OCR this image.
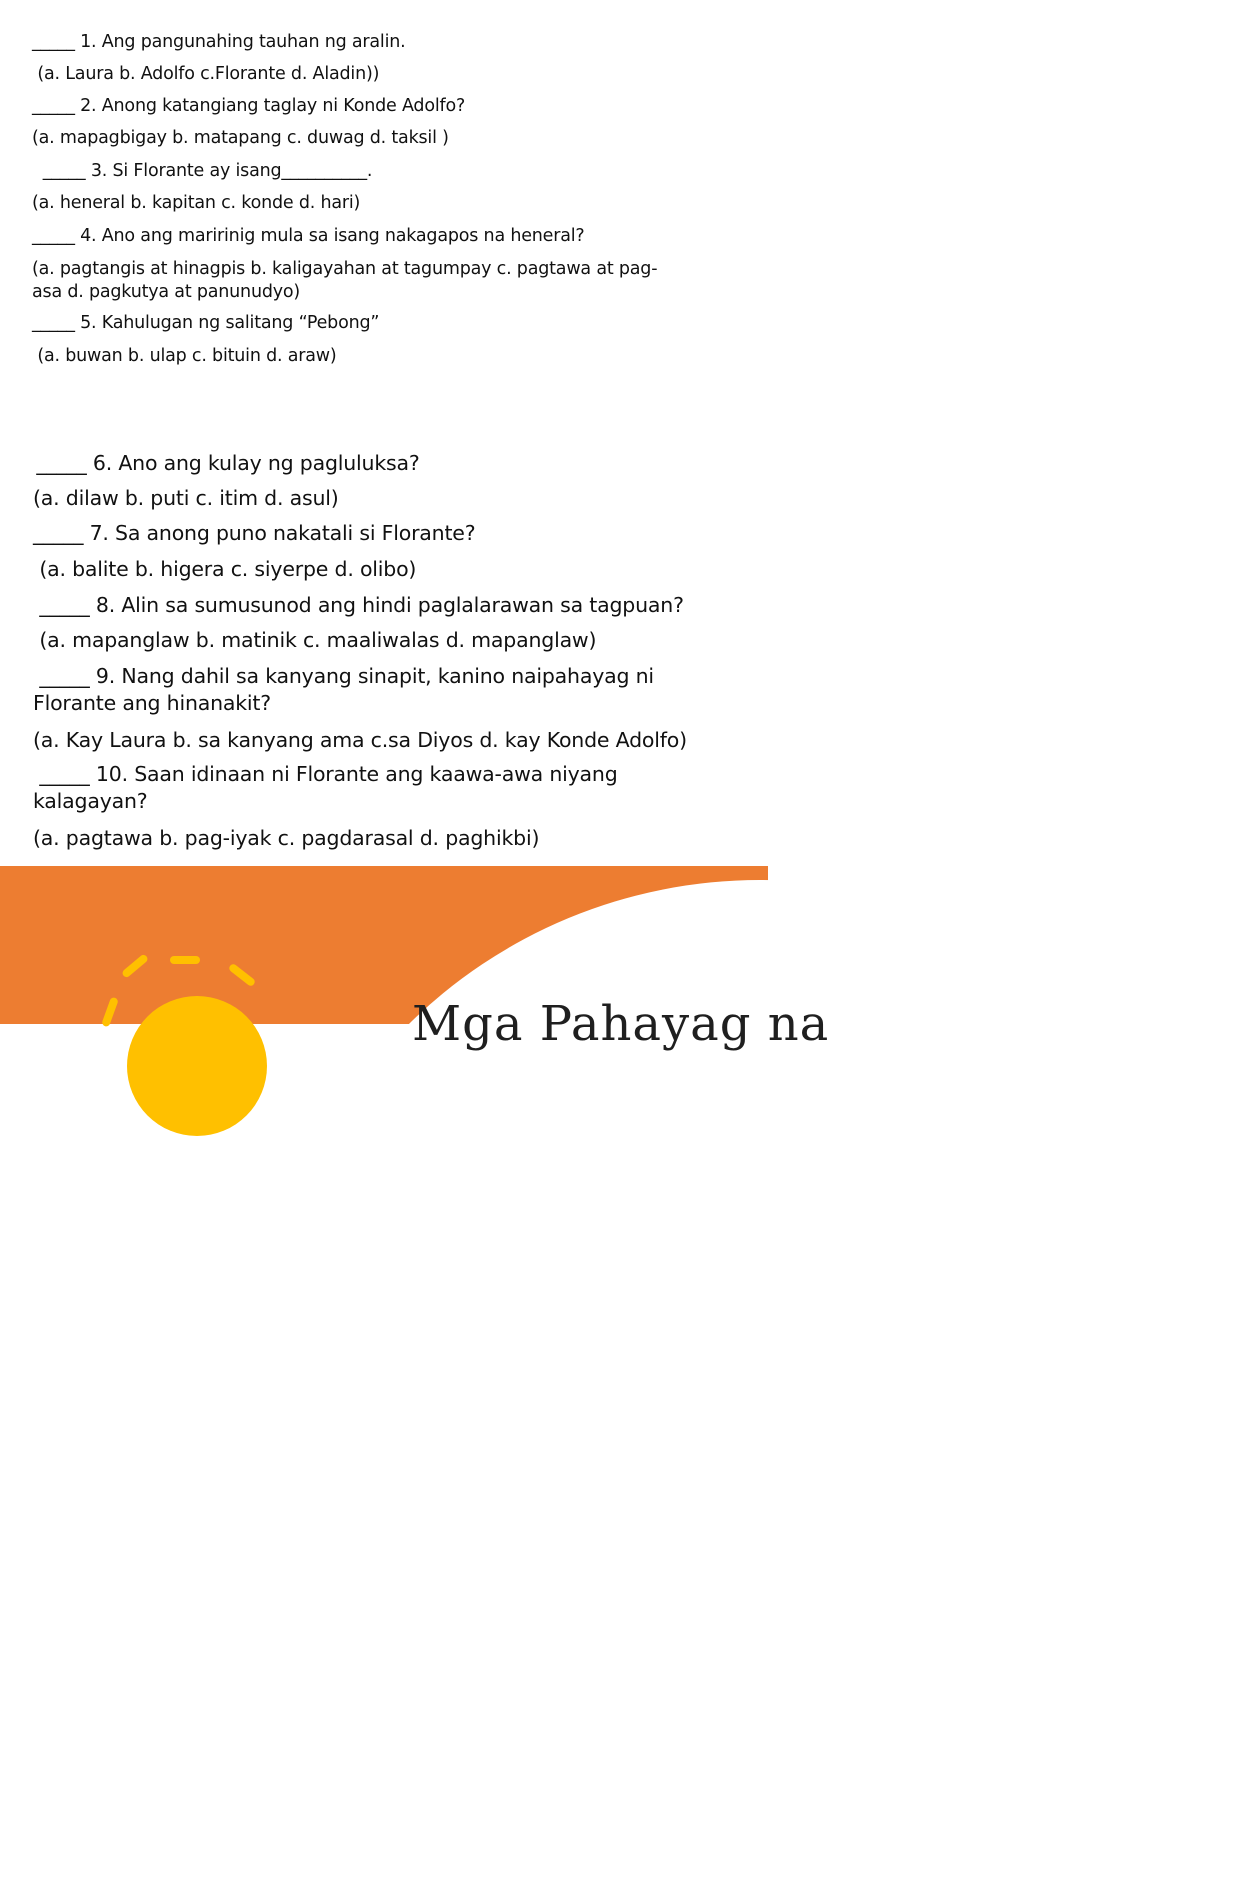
_____ 1. Ang pangunahing tauhan ng aralin.
(a. Laura b. Adolfo c.Florante d. Aladin))
_____ 2. Anong katangiang taglay ni Konde Adolfo?
(a. mapagbigay b. matapang c. duwag d. taksil )
_____ 3. Si Florante ay isang__________.
(a. heneral b. kapitan c. konde d. hari)
_____ 4. Ano ang maririnig mula sa isang nakagapos na heneral?
(a. pagtangis at hinagpis b. kaligayahan at tagumpay c. pagtawa at pag-
asa d. pagkutya at panunudyo)
_____ 5. Kahulugan ng salitang “Pebong”
(a. buwan b. ulap c. bituin d. araw)
_____ 6. Ano ang kulay ng pagluluksa?
(a. dilaw b. puti c. itim d. asul)
_____ 7. Sa anong puno nakatali si Florante?
(a. balite b. higera c. siyerpe d. olibo)
_____ 8. Alin sa sumusunod ang hindi paglalarawan sa tagpuan?
(a. mapanglaw b. matinik c. maaliwalas d. mapanglaw)
_____ 9. Nang dahil sa kanyang sinapit, kanino naipahayag ni
Florante ang hinanakit?
(a. Kay Laura b. sa kanyang ama c.sa Diyos d. kay Konde Adolfo)
_____ 10. Saan idinaan ni Florante ang kaawa-awa niyang
kalagayan?
(a. pagtawa b. pag-iyak c. pagdarasal d. paghikbi)
Mga Pahayag na
